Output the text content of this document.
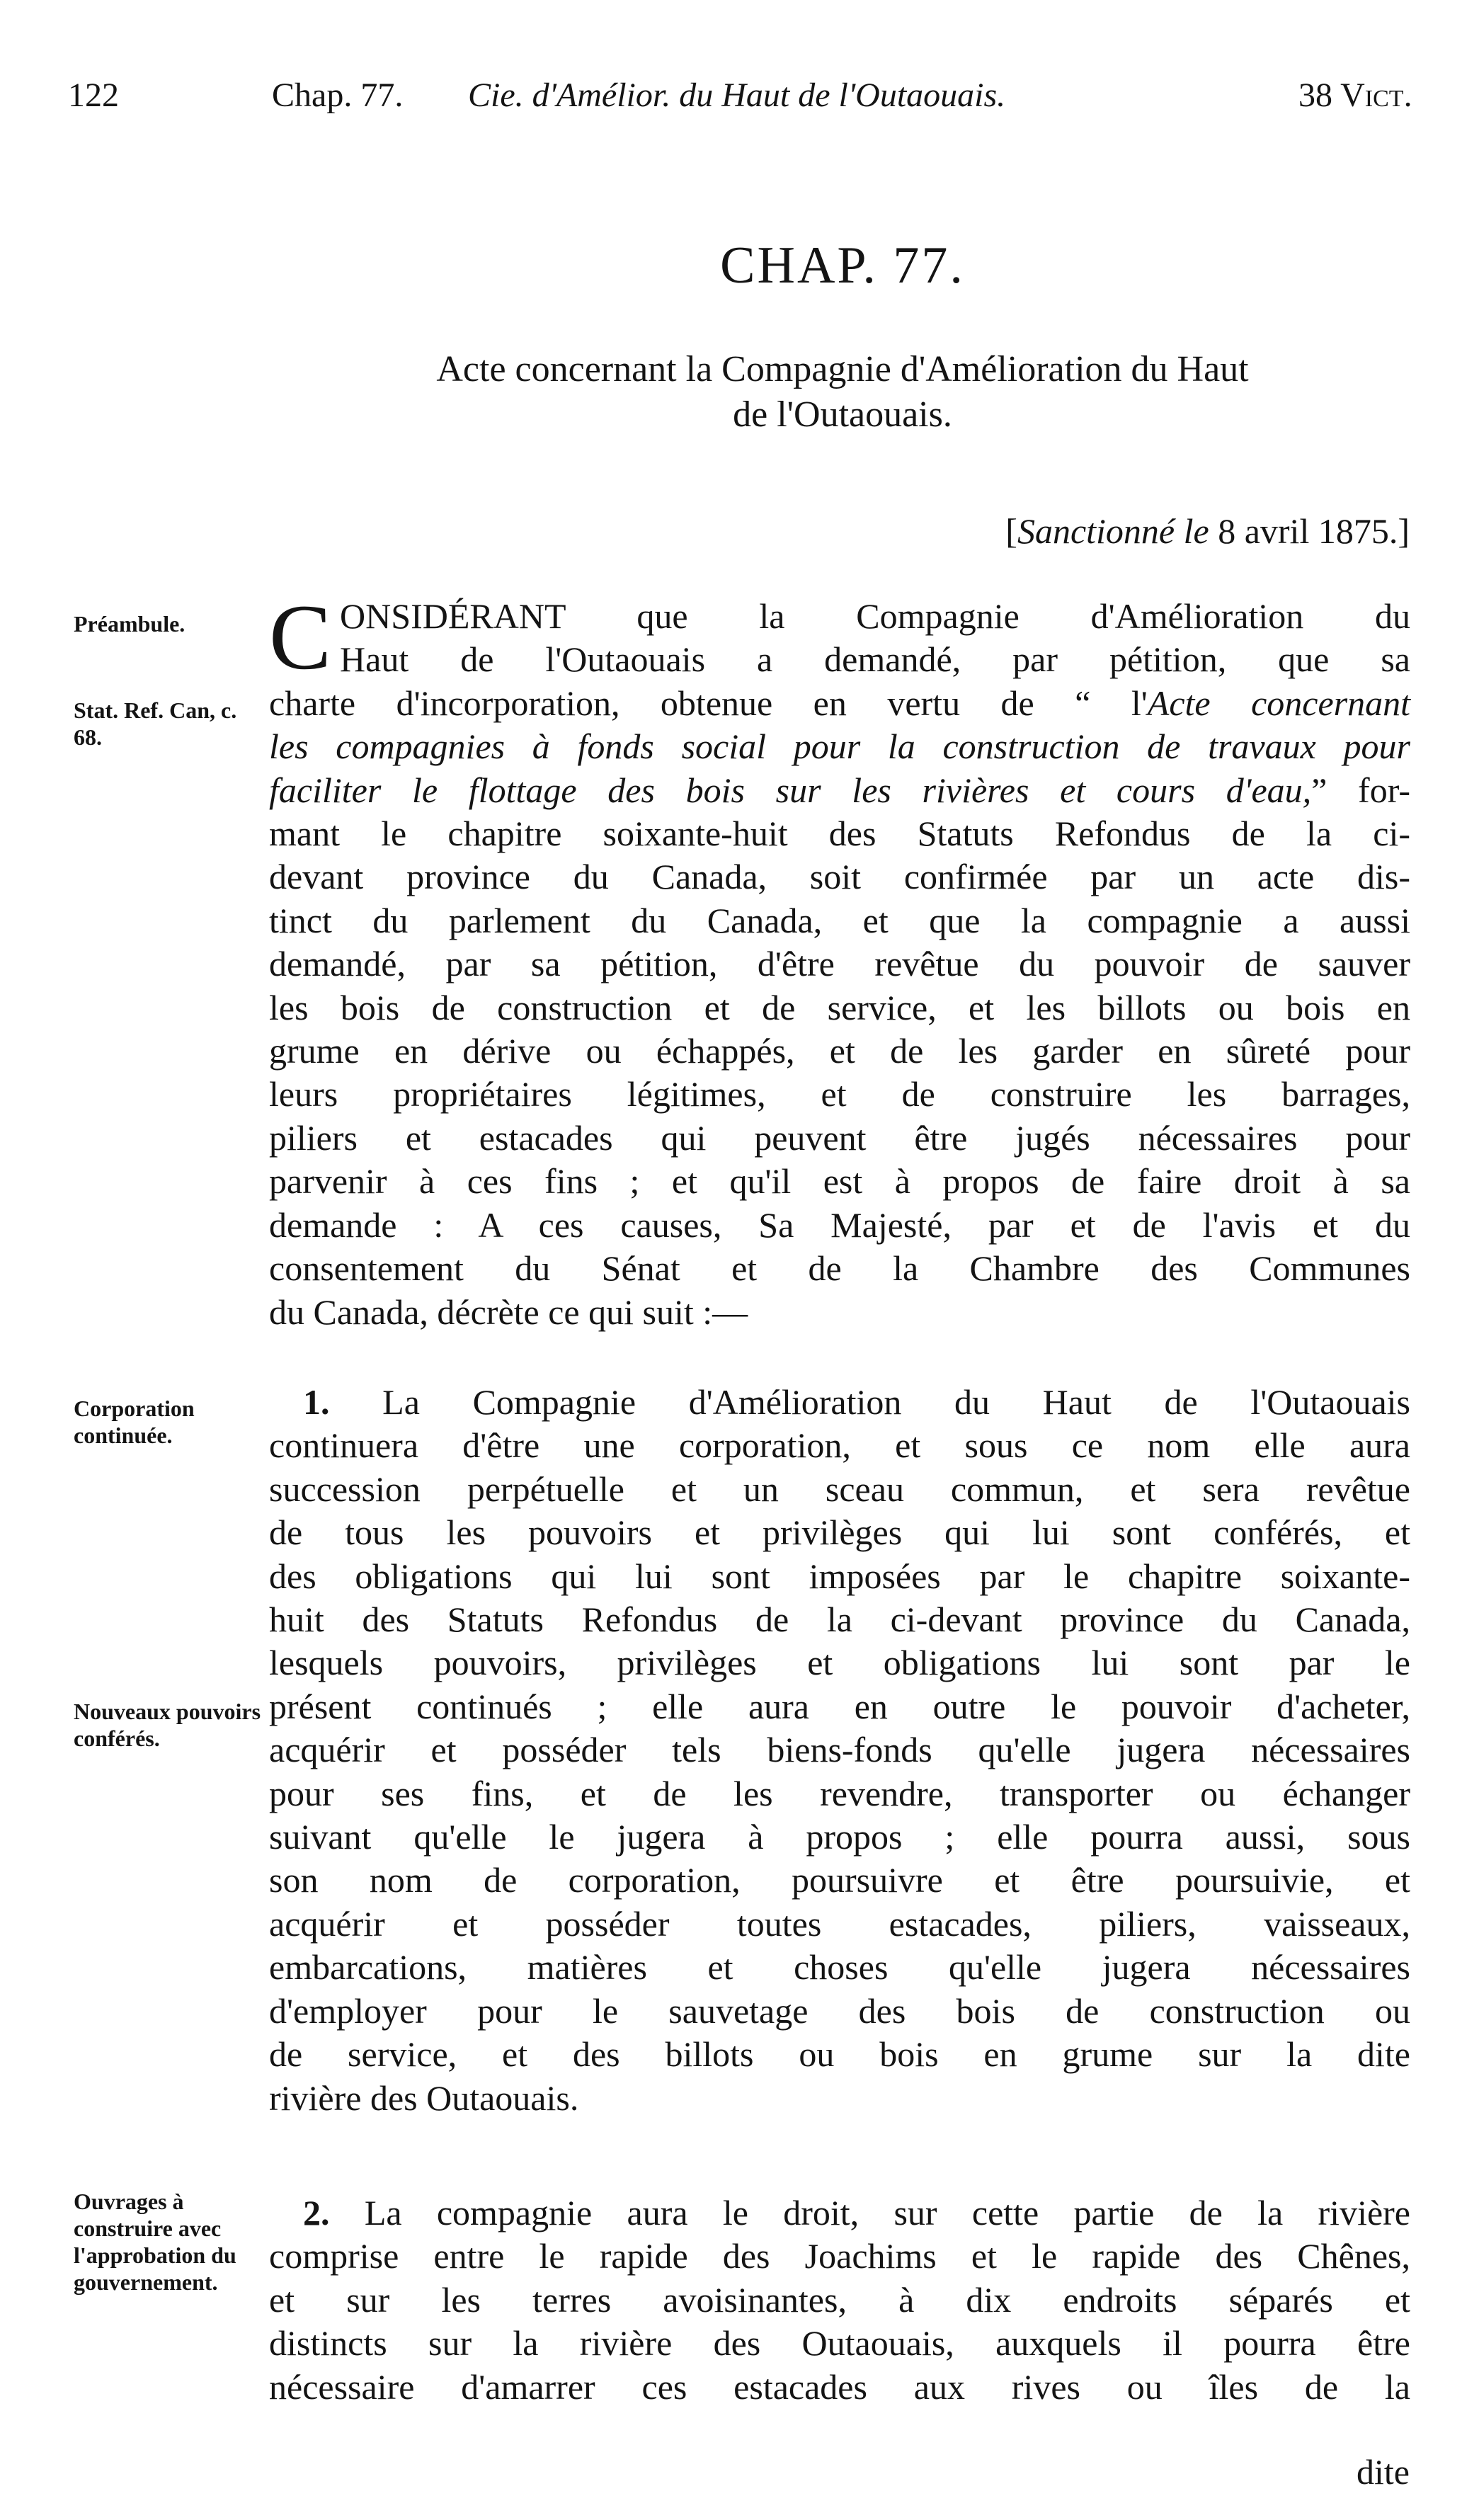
122	Chap. 77. Cie. d'Amélior. du Haut de l'Outaouais.	38 Vict.
CHAP. 77.
Acte concernant la Compagnie d'Amélioration du Haut
de l'Outaouais.
[Sanctionné le 8 avril 1875.]
Préambule.
Stat. Ref. Can, c. 68.
Corporation continuée.
Nouveaux pouvoirs conférés.
Ouvrages à construire avec l'approbation du gouvernement.
C ONSIDÉRANT que la Compagnie d'Amélioration du
Haut de l'Outaouais a demandé, par pétition, que sa
charte d'incorporation, obtenue en vertu de “ l'Acte concernant
les compagnies à fonds social pour la construction de travaux pour
faciliter le flottage des bois sur les rivières et cours d'eau,” for-
mant le chapitre soixante-huit des Statuts Refondus de la ci-
devant province du Canada, soit confirmée par un acte dis-
tinct du parlement du Canada, et que la compagnie a aussi
demandé, par sa pétition, d'être revêtue du pouvoir de sauver
les bois de construction et de service, et les billots ou bois en
grume en dérive ou échappés, et de les garder en sûreté pour
leurs propriétaires légitimes, et de construire les barrages,
piliers et estacades qui peuvent être jugés nécessaires pour
parvenir à ces fins ; et qu'il est à propos de faire droit à sa
demande : A ces causes, Sa Majesté, par et de l'avis et du
consentement du Sénat et de la Chambre des Communes
du Canada, décrète ce qui suit :—
1. La Compagnie d'Amélioration du Haut de l'Outaouais
continuera d'être une corporation, et sous ce nom elle aura
succession perpétuelle et un sceau commun, et sera revêtue
de tous les pouvoirs et privilèges qui lui sont conférés, et
des obligations qui lui sont imposées par le chapitre soixante-
huit des Statuts Refondus de la ci-devant province du Canada,
lesquels pouvoirs, privilèges et obligations lui sont par le
présent continués ; elle aura en outre le pouvoir d'acheter,
acquérir et posséder tels biens-fonds qu'elle jugera nécessaires
pour ses fins, et de les revendre, transporter ou échanger
suivant qu'elle le jugera à propos ; elle pourra aussi, sous
son nom de corporation, poursuivre et être poursuivie, et
acquérir et posséder toutes estacades, piliers, vaisseaux,
embarcations, matières et choses qu'elle jugera nécessaires
d'employer pour le sauvetage des bois de construction ou
de service, et des billots ou bois en grume sur la dite
rivière des Outaouais.
2. La compagnie aura le droit, sur cette partie de la rivière
comprise entre le rapide des Joachims et le rapide des Chênes,
et sur les terres avoisinantes, à dix endroits séparés et
distincts sur la rivière des Outaouais, auxquels il pourra être
nécessaire d'amarrer ces estacades aux rives ou îles de la
dite
